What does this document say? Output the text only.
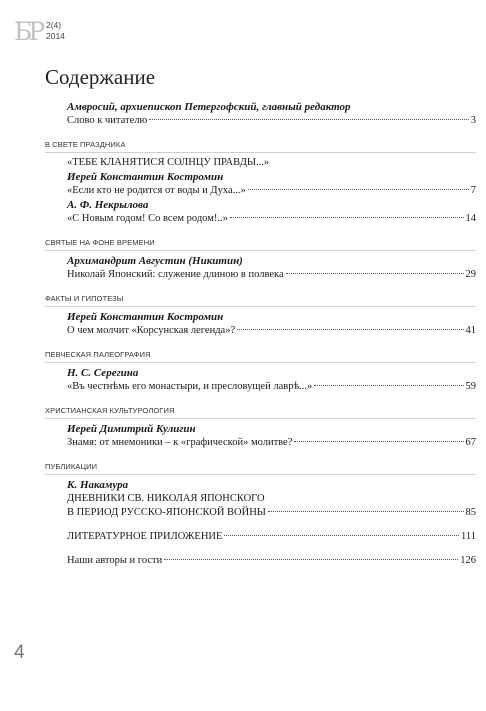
БР 2(4)
2014
Содержание
Амвросий, архиепископ Петергофский, главный редактор
Слово к читателю	3
В СВЕТЕ ПРАЗДНИКА
«ТЕБЕ КЛАНЯТИСЯ СОЛНЦУ ПРАВДЫ...»
Иерей Константин Костромин
«Если кто не родится от воды и Духа...»	7
А. Ф. Некрылова
«С Новым годом! Со всем родом!..»	14
СВЯТЫЕ НА ФОНЕ ВРЕМЕНИ
Архимандрит Августин (Никитин)
Николай Японский: служение длиною в полвека	29
ФАКТЫ И ГИПОТЕЗЫ
Иерей Константин Костромин
О чем молчит «Корсунская легенда»?	41
ПЕВЧЕСКАЯ ПАЛЕОГРАФИЯ
Н. С. Серегина
«Въ честнѣмь его монастыри, и пресловущей лаврѣ...»	59
ХРИСТИАНСКАЯ КУЛЬТУРОЛОГИЯ
Иерей Димитрий Кулигин
Знамя: от мнемоники – к «графической» молитве?	67
ПУБЛИКАЦИИ
К. Накамура
ДНЕВНИКИ СВ. НИКОЛАЯ ЯПОНСКОГО
В ПЕРИОД РУССКО-ЯПОНСКОЙ ВОЙНЫ	85
ЛИТЕРАТУРНОЕ ПРИЛОЖЕНИЕ	111
Наши авторы и гости	126
4
